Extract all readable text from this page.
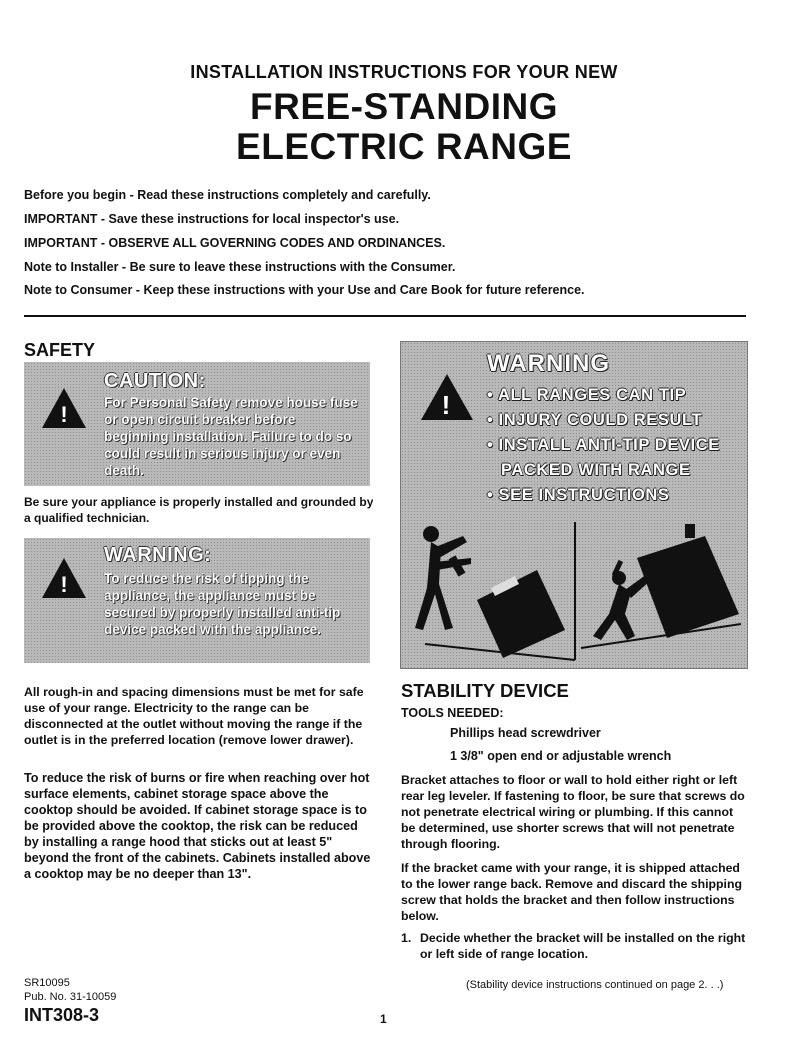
INSTALLATION INSTRUCTIONS FOR YOUR NEW
FREE-STANDING
ELECTRIC RANGE
Before you begin - Read these instructions completely and carefully.
IMPORTANT - Save these instructions for local inspector's use.
IMPORTANT - OBSERVE ALL GOVERNING CODES AND ORDINANCES.
Note to Installer - Be sure to leave these instructions with the Consumer.
Note to Consumer - Keep these instructions with your Use and Care Book for future reference.
SAFETY
!
CAUTION:
For Personal Safety remove house fuse or open circuit breaker before beginning installation. Failure to do so could result in serious injury or even death.
Be sure your appliance is properly installed and grounded by a qualified technician.
!
WARNING:
To reduce the risk of tipping the appliance, the appliance must be secured by properly installed anti-tip device packed with the appliance.
All rough-in and spacing dimensions must be met for safe use of your range. Electricity to the range can be disconnected at the outlet without moving the range if the outlet is in the preferred location (remove lower drawer).
To reduce the risk of burns or fire when reaching over hot surface elements, cabinet storage space above the cooktop should be avoided. If cabinet storage space is to be provided above the cooktop, the risk can be reduced by installing a range hood that sticks out at least 5" beyond the front of the cabinets. Cabinets installed above a cooktop may be no deeper than 13".
!
WARNING
• ALL RANGES CAN TIP
• INJURY COULD RESULT
• INSTALL ANTI-TIP DEVICE
PACKED WITH RANGE
• SEE INSTRUCTIONS
STABILITY DEVICE
TOOLS NEEDED:
Phillips head screwdriver
1 3/8" open end or adjustable wrench
Bracket attaches to floor or wall to hold either right or left rear leg leveler. If fastening to floor, be sure that screws do not penetrate electrical wiring or plumbing. If this cannot be determined, use shorter screws that will not penetrate through flooring.
If the bracket came with your range, it is shipped attached to the lower range back. Remove and discard the shipping screw that holds the bracket and then follow instructions below.
1. Decide whether the bracket will be installed on the right or left side of range location.
(Stability device instructions continued on page 2. . .)
SR10095
Pub. No. 31-10059
INT308-3	1
